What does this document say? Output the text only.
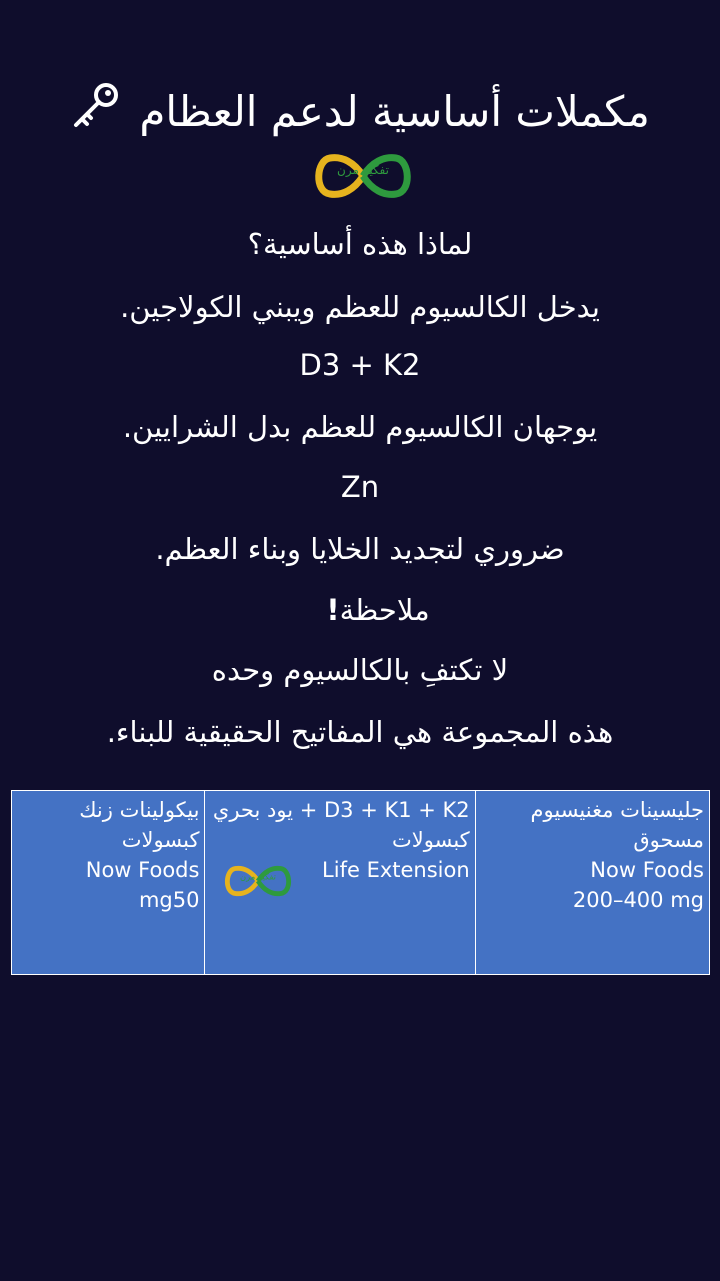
مكملات أساسية لدعم العظام
تفكير مرن
لماذا هذه أساسية؟
يدخل الكالسيوم للعظم ويبني الكولاجين.
D3 + K2
يوجهان الكالسيوم للعظم بدل الشرايين.
Zn
ضروري لتجديد الخلايا وبناء العظم.
ملاحظة!
لا تكتفِ بالكالسيوم وحده
هذه المجموعة هي المفاتيح الحقيقية للبناء.
جليسينات مغنيسيوم مسحوق
Now Foods
200–400 mg
D3 + K1 + K2 + يود بحري كبسولات
Life Extension
تفكير مرن
بيكولينات زنك كبسولات
Now Foods
mg50
